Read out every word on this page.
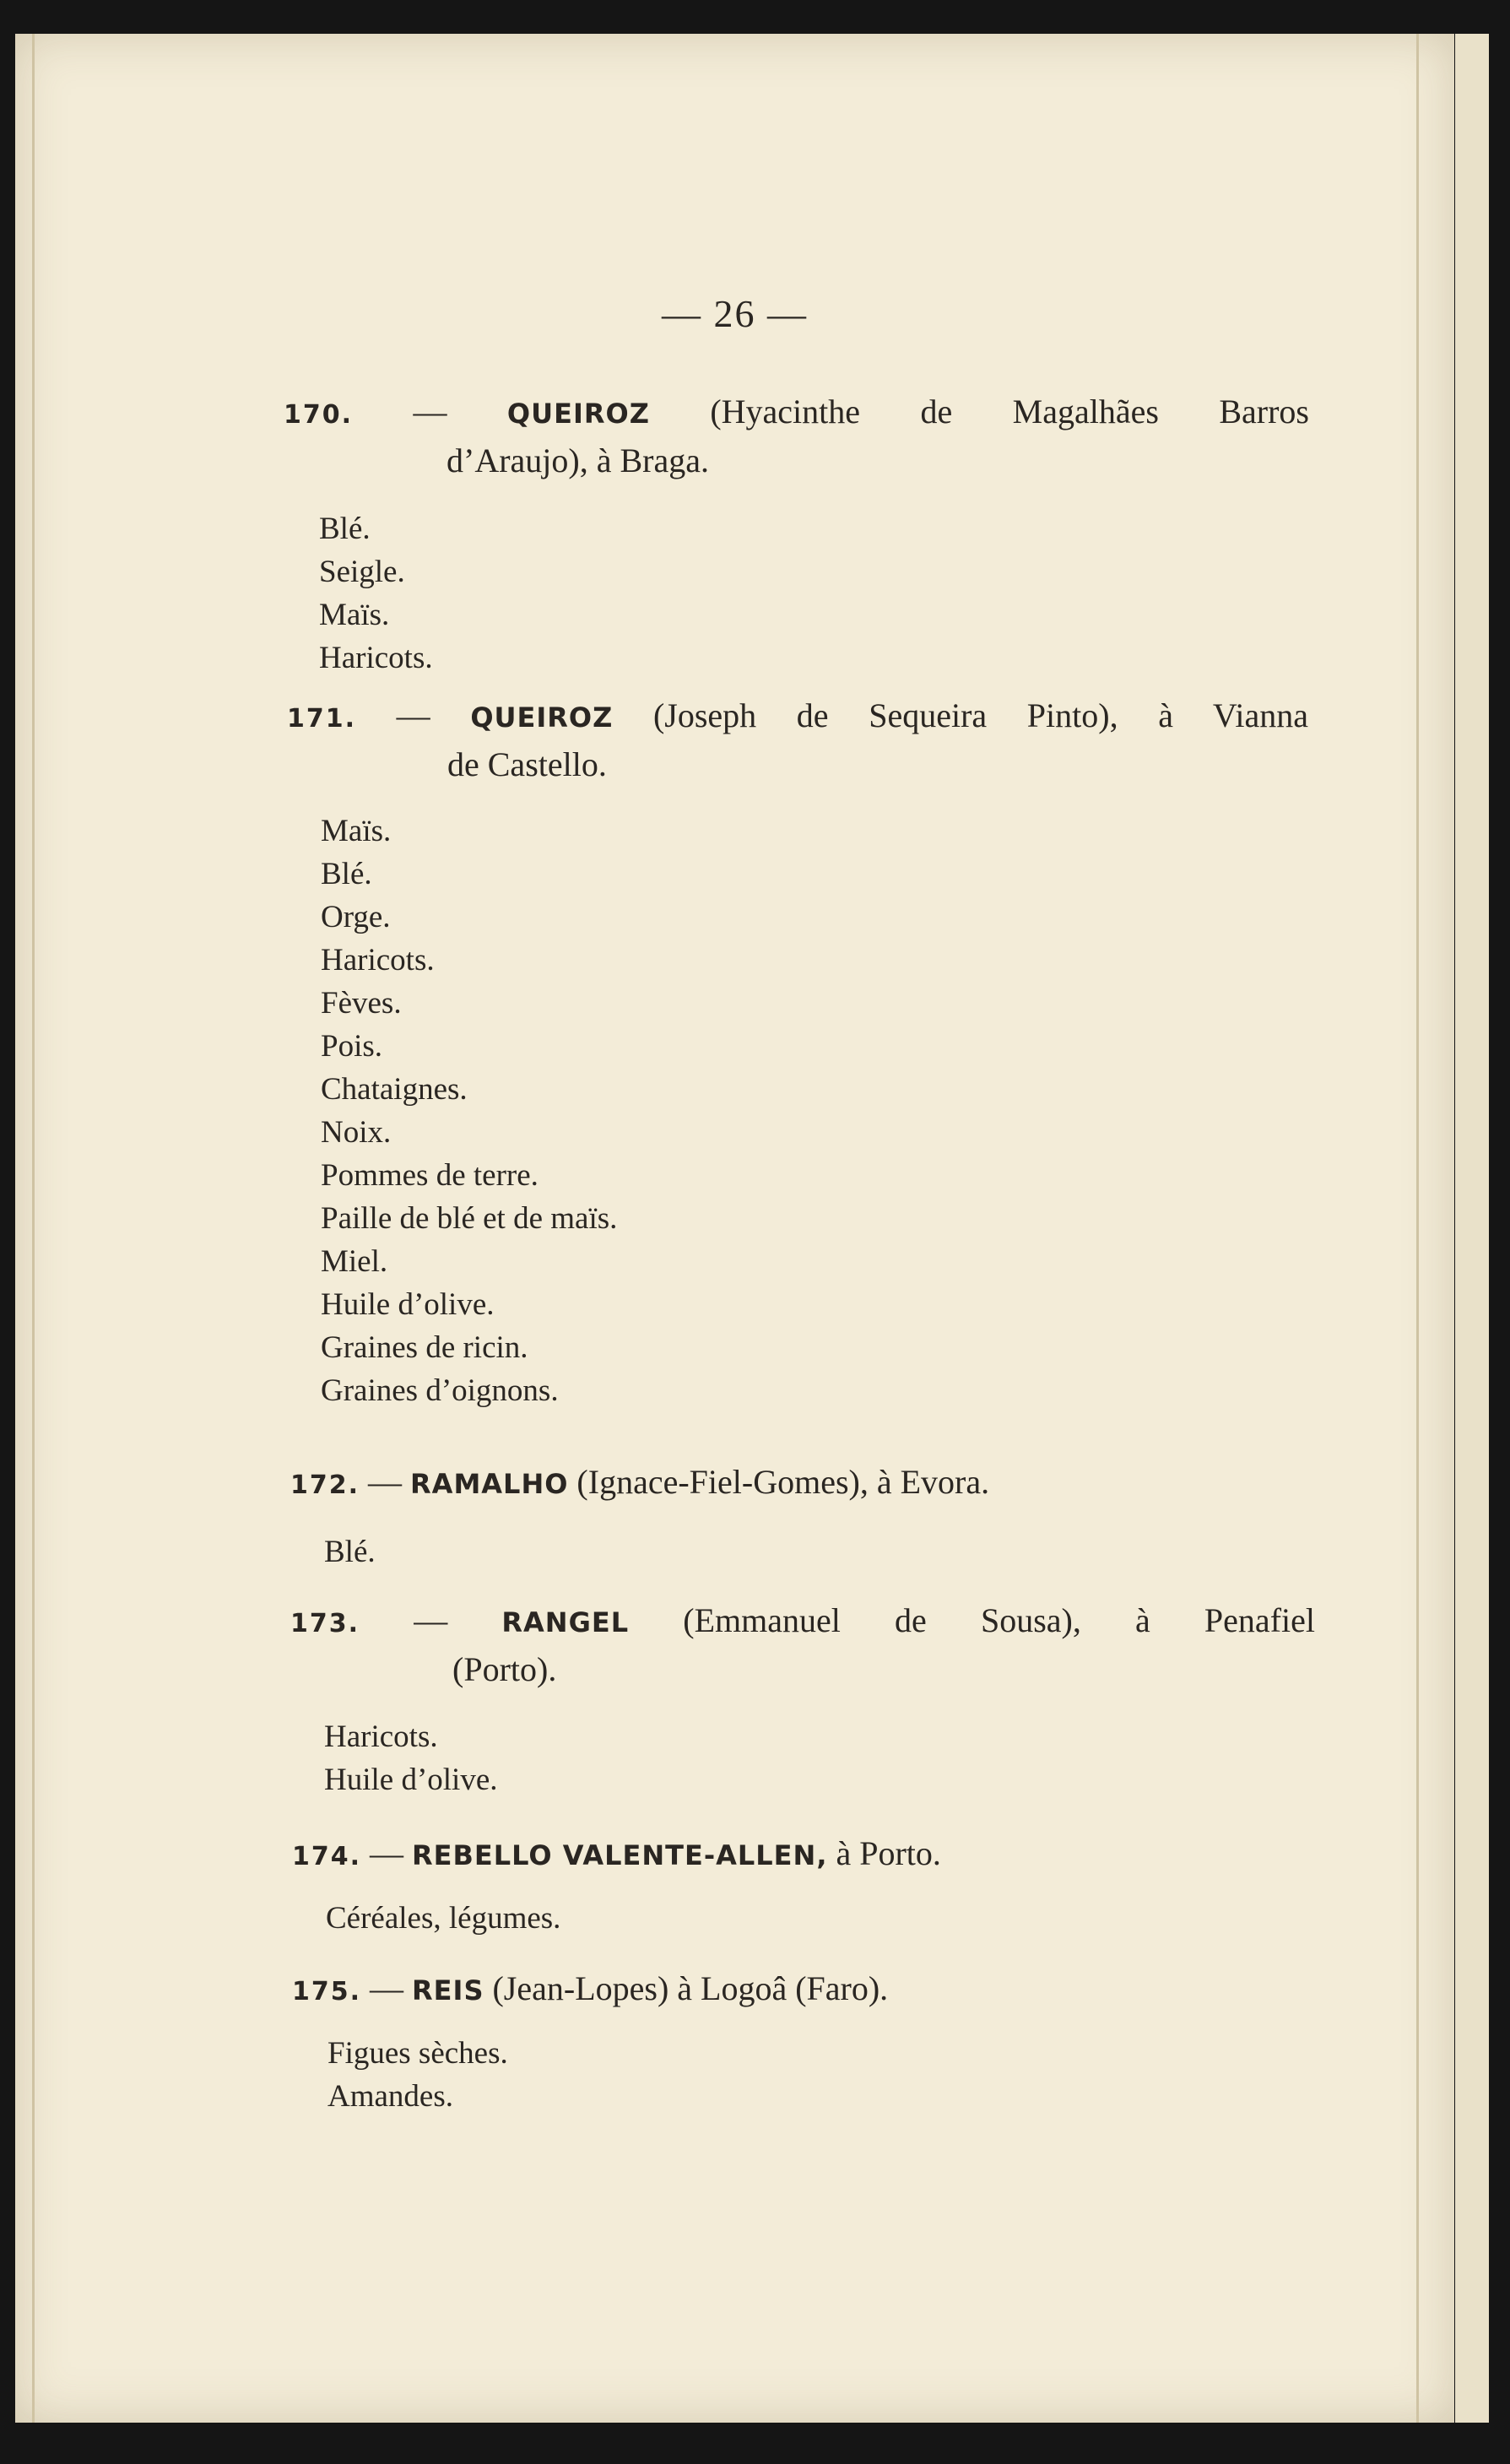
— 26 —
170. — QUEIROZ (Hyacinthe de Magalhães Barros
d’Araujo), à Braga.
Blé.
Seigle.
Maïs.
Haricots.
171. — QUEIROZ (Joseph de Sequeira Pinto), à Vianna
de Castello.
Maïs.
Blé.
Orge.
Haricots.
Fèves.
Pois.
Chataignes.
Noix.
Pommes de terre.
Paille de blé et de maïs.
Miel.
Huile d’olive.
Graines de ricin.
Graines d’oignons.
172. — RAMALHO (Ignace-Fiel-Gomes), à Evora.
Blé.
173. — RANGEL (Emmanuel de Sousa), à Penafiel
(Porto).
Haricots.
Huile d’olive.
174. — REBELLO VALENTE-ALLEN, à Porto.
Céréales, légumes.
175. — REIS (Jean-Lopes) à Logoâ (Faro).
Figues sèches.
Amandes.
